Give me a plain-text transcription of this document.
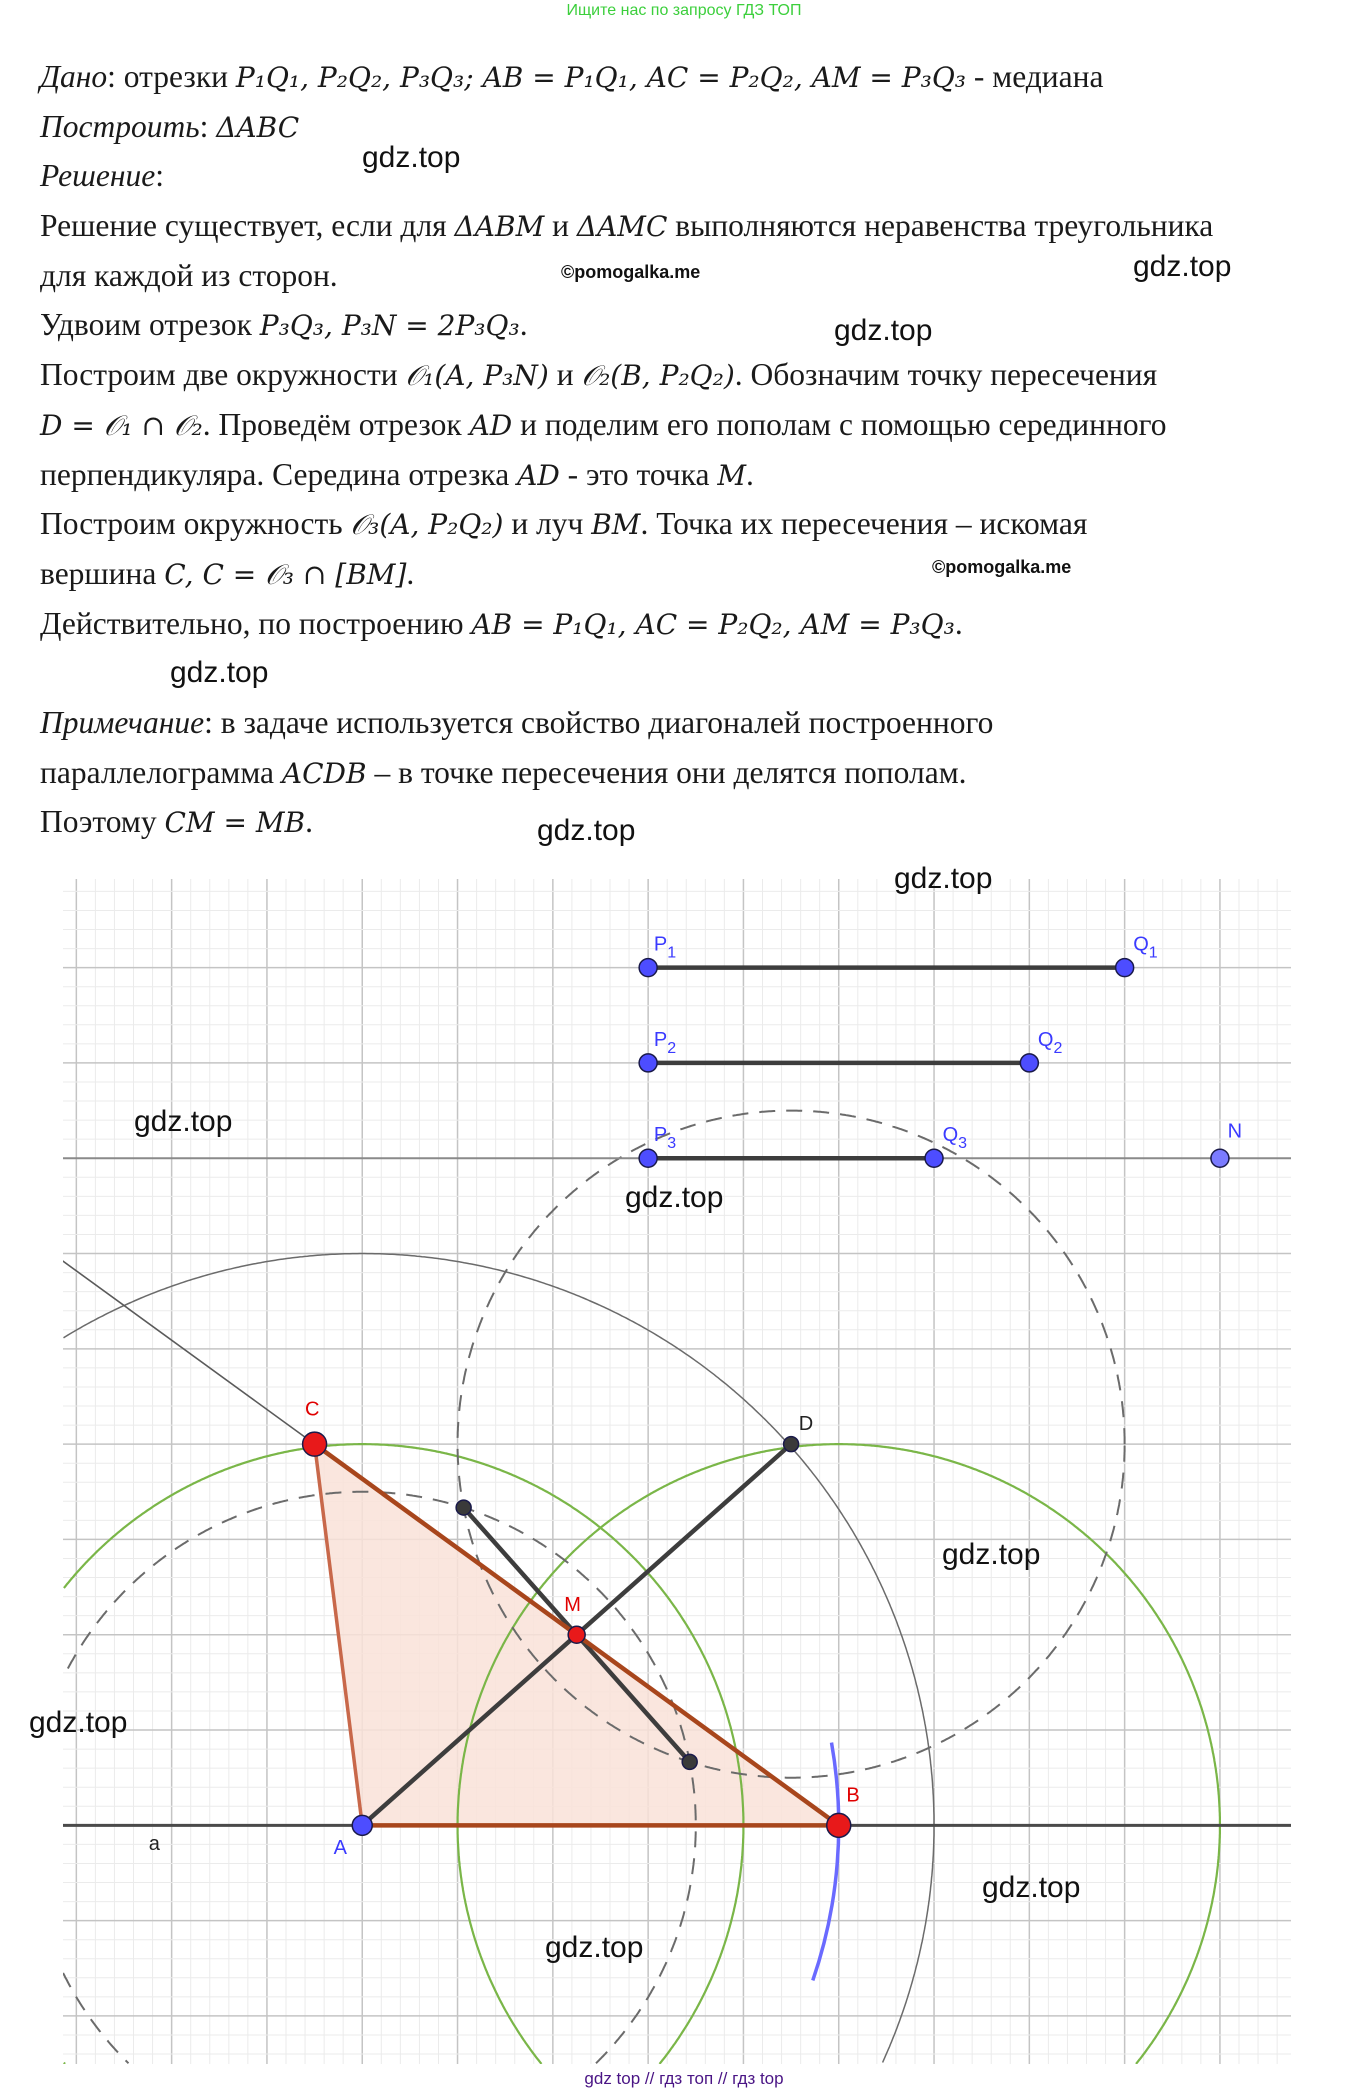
Ищите нас по запросу ГДЗ ТОП
Дано: отрезки P₁Q₁, P₂Q₂, P₃Q₃; AB = P₁Q₁, AC = P₂Q₂, AM = P₃Q₃ - медиана
Построить: ΔABC
Решение:
Решение существует, если для ΔABM и ΔAMC выполняются неравенства треугольника
для каждой из сторон.
Удвоим отрезок P₃Q₃, P₃N = 2P₃Q₃.
Построим две окружности 𝒪₁(A, P₃N) и 𝒪₂(B, P₂Q₂). Обозначим точку пересечения
D = 𝒪₁ ∩ 𝒪₂. Проведём отрезок AD и поделим его пополам с помощью серединного
перпендикуляра. Середина отрезка AD - это точка M.
Построим окружность 𝒪₃(A, P₂Q₂) и луч BM. Точка их пересечения – искомая
вершина C, C = 𝒪₃ ∩ [BM].
Действительно, по построению AB = P₁Q₁, AC = P₂Q₂, AM = P₃Q₃.
Примечание: в задаче используется свойство диагоналей построенного
параллелограмма ACDB – в точке пересечения они делятся пополам.
Поэтому CM = MB.
gdz.top
gdz.top
gdz.top
gdz.top
gdz.top
©pomogalka.me
$P_1$	$Q_1$
$P_2$	$Q_2$
$P_3$	$Q_3$
N
C
D
M
B
A
a
©pomogalka.me
gdz.top
gdz.top
gdz.top
gdz.top
gdz.top
gdz.top
gdz.top
gdz top // гдз топ // гдз top
